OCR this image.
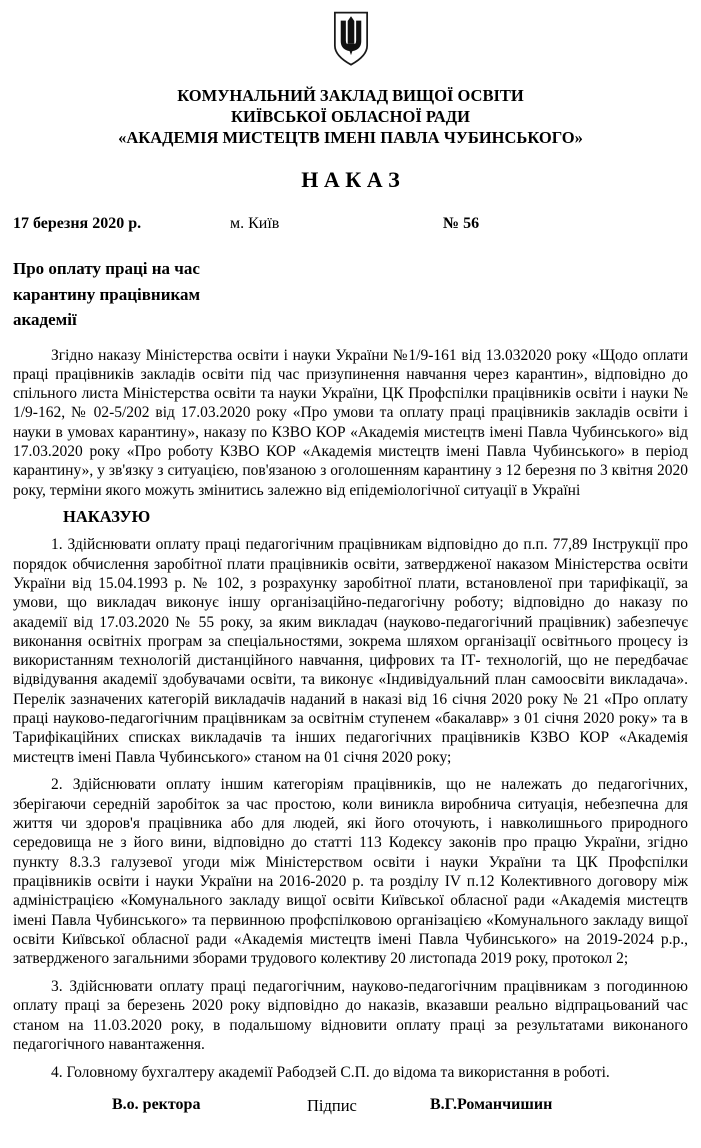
КОМУНАЛЬНИЙ ЗАКЛАД ВИЩОЇ ОСВІТИ
КИЇВСЬКОЇ ОБЛАСНОЇ РАДИ
«АКАДЕМІЯ МИСТЕЦТВ ІМЕНІ ПАВЛА ЧУБИНСЬКОГО»
Н А К А З
17 березня 2020 р.	м. Київ	№ 56
Про оплату праці на час
карантину працівникам
академії

Згідно наказу Міністерства освіти і науки України №1/9-161 від 13.032020 року «Щодо оплати праці працівників закладів освіти під час призупинення навчання через карантин», відповідно до спільного листа Міністерства освіти та науки України, ЦК Профспілки працівників освіти і науки № 1/9-162, № 02-5/202 від 17.03.2020 року «Про умови та оплату праці працівників закладів освіти і науки в умовах карантину», наказу по КЗВО КОР «Академія мистецтв імені Павла Чубинського» від 17.03.2020 року «Про роботу КЗВО КОР «Академія мистецтв імені Павла Чубинського» в період карантину», у зв'язку з ситуацією, пов'язаною з оголошенням карантину з 12 березня по 3 квітня 2020 року, терміни якого можуть змінитись залежно від епідеміологічної ситуації в Україні

НАКАЗУЮ

1. Здійснювати оплату праці педагогічним працівникам відповідно до п.п. 77,89 Інструкції про порядок обчислення заробітної плати працівників освіти, затвердженої наказом Міністерства освіти України від 15.04.1993 р. № 102, з розрахунку заробітної плати, встановленої при тарифікації, за умови, що викладач виконує іншу організаційно-педагогічну роботу; відповідно до наказу по академії від 17.03.2020 № 55 року, за яким викладач (науково-педагогічний працівник) забезпечує виконання освітніх програм за спеціальностями, зокрема шляхом організації освітнього процесу із використанням технологій дистанційного навчання, цифрових та ІТ- технологій, що не передбачає відвідування академії здобувачами освіти, та виконує «Індивідуальний план самоосвіти викладача». Перелік зазначених категорій викладачів наданий в наказі від 16 січня 2020 року № 21 «Про оплату праці науково-педагогічним працівникам за освітнім ступенем «бакалавр» з 01 січня 2020 року» та в Тарифікаційних списках викладачів та інших педагогічних працівників КЗВО КОР «Академія мистецтв імені Павла Чубинського» станом на 01 січня 2020 року;

2. Здійснювати оплату іншим категоріям працівників, що не належать до педагогічних, зберігаючи середній заробіток за час простою, коли виникла виробнича ситуація, небезпечна для життя чи здоров'я працівника або для людей, які його оточують, і навколишнього природного середовища не з його вини, відповідно до статті 113 Кодексу законів про працю України, згідно пункту 8.3.3 галузевої угоди між Міністерством освіти і науки України та ЦК Профспілки працівників освіти і науки України на 2016-2020 р. та розділу IV п.12 Колективного договору між адміністрацією «Комунального закладу вищої освіти Київської обласної ради «Академія мистецтв імені Павла Чубинського» та первинною профспілковою організацією «Комунального закладу вищої освіти Київської обласної ради «Академія мистецтв імені Павла Чубинського» на 2019-2024 р.р., затвердженого загальними зборами трудового колективу 20 листопада 2019 року, протокол 2;

3. Здійснювати оплату праці педагогічним, науково-педагогічним працівникам з погодинною оплату праці за березень 2020 року відповідно до наказів, вказавши реально відпрацьований час станом на 11.03.2020 року, в подальшому відновити оплату праці за результатами виконаного педагогічного навантаження.

4. Головному бухгалтеру академії Рабодзей С.П. до відома та використання в роботі.

В.о. ректора	Підпис	В.Г.Романчишин
